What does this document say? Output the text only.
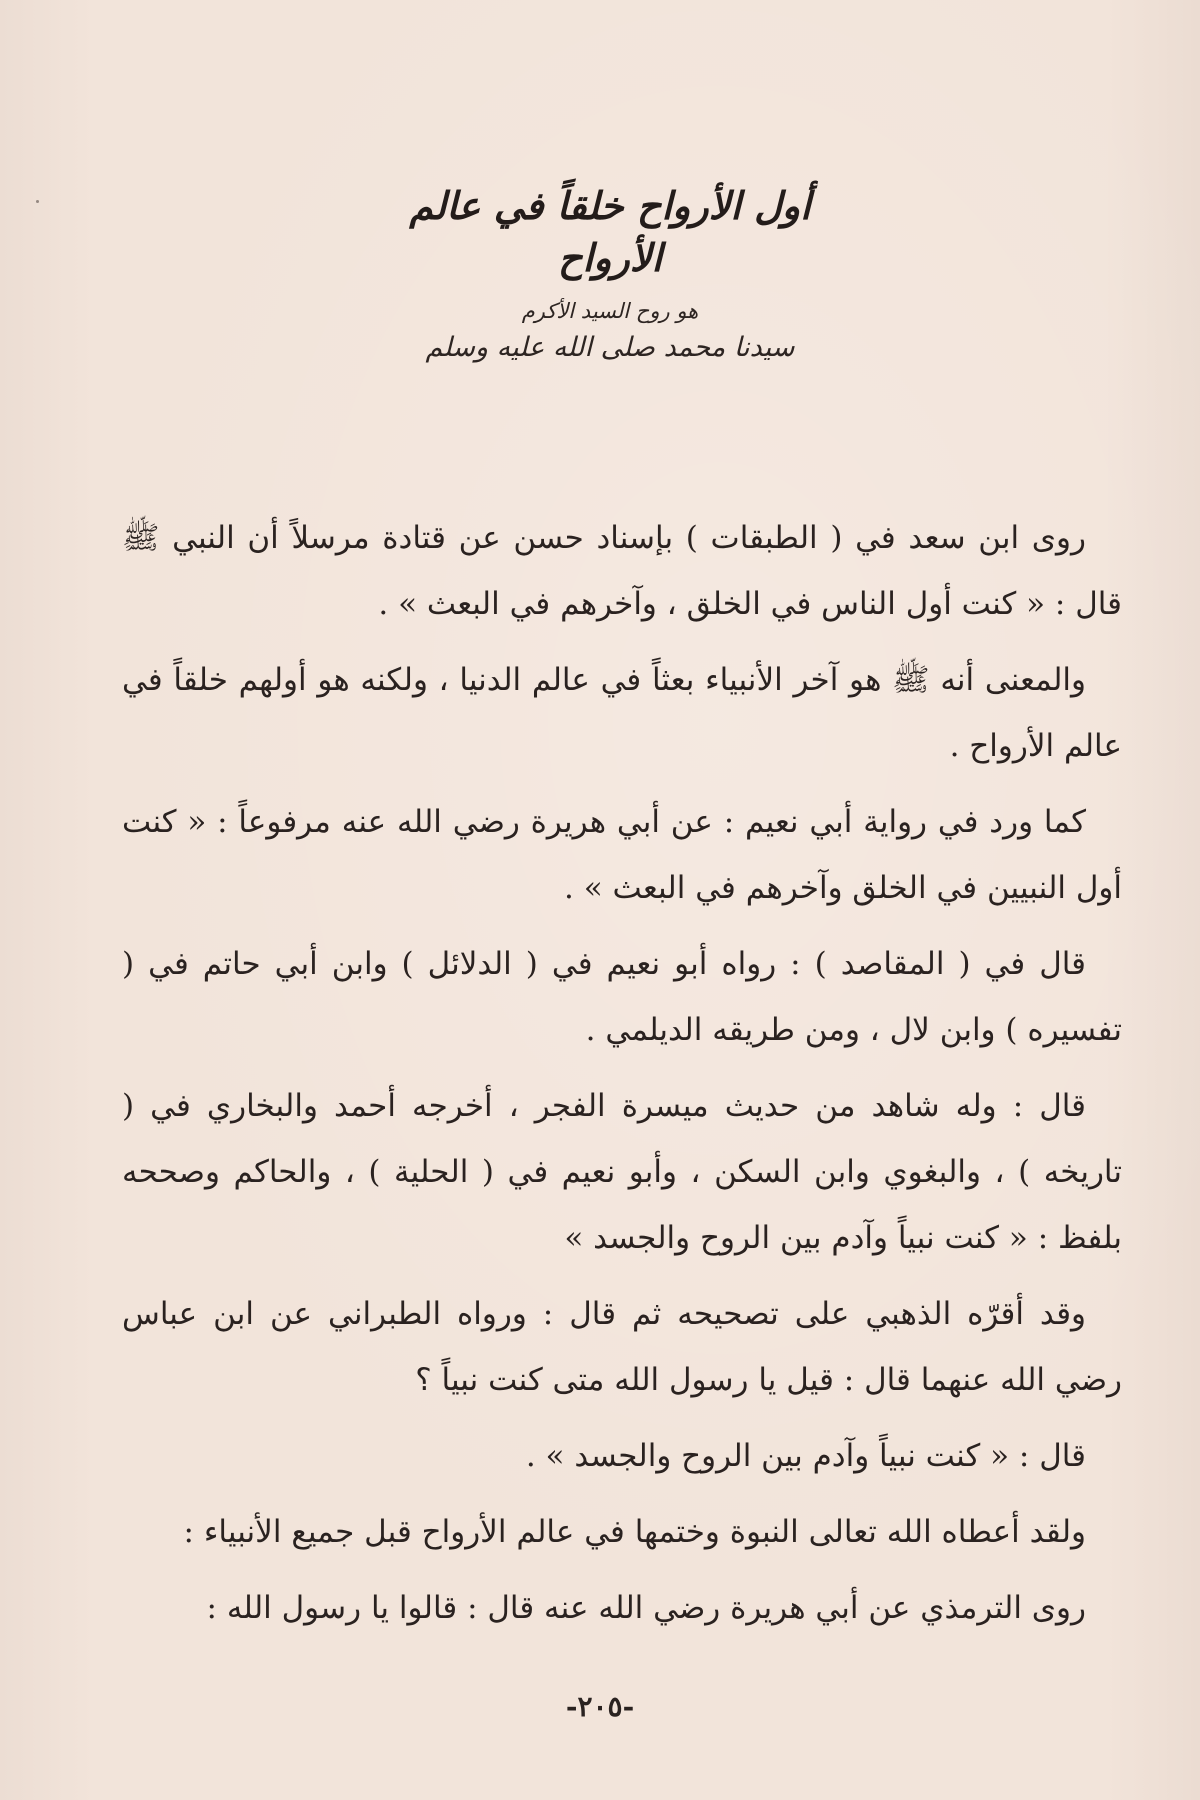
أول الأرواح خلقاً في عالم الأرواح
هو روح السيد الأكرم
سيدنا محمد صلى الله عليه وسلم

روى ابن سعد في ( الطبقات ) بإسناد حسن عن قتادة مرسلاً أن النبي ﷺ قال : « كنت أول الناس في الخلق ، وآخرهم في البعث » .

والمعنى أنه ﷺ هو آخر الأنبياء بعثاً في عالم الدنيا ، ولكنه هو أولهم خلقاً في عالم الأرواح .

كما ورد في رواية أبي نعيم : عن أبي هريرة رضي الله عنه مرفوعاً : « كنت أول النبيين في الخلق وآخرهم في البعث » .

قال في ( المقاصد ) : رواه أبو نعيم في ( الدلائل ) وابن أبي حاتم في ( تفسيره ) وابن لال ، ومن طريقه الديلمي .

قال : وله شاهد من حديث ميسرة الفجر ، أخرجه أحمد والبخاري في ( تاريخه ) ، والبغوي وابن السكن ، وأبو نعيم في ( الحلية ) ، والحاكم وصححه بلفظ : « كنت نبياً وآدم بين الروح والجسد »

وقد أقرّه الذهبي على تصحيحه ثم قال : ورواه الطبراني عن ابن عباس رضي الله عنهما قال : قيل يا رسول الله متى كنت نبياً ؟

قال : « كنت نبياً وآدم بين الروح والجسد » .

ولقد أعطاه الله تعالى النبوة وختمها في عالم الأرواح قبل جميع الأنبياء :

روى الترمذي عن أبي هريرة رضي الله عنه قال : قالوا يا رسول الله :

-٢٠٥-
